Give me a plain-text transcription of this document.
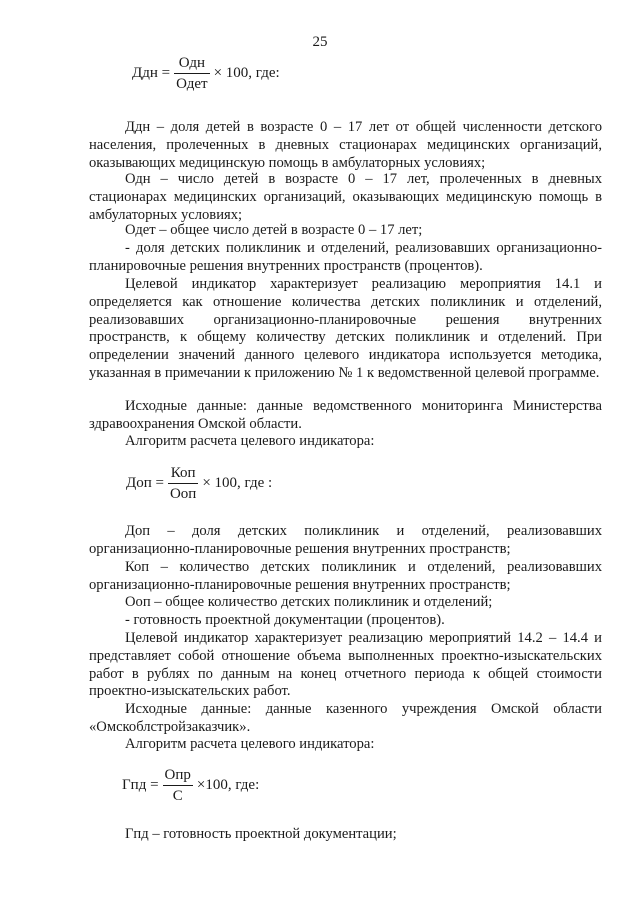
25
Ддн = $\frac{\text{Одн}}{\text{Одет}} \times 100$, где:

Ддн – доля детей в возрасте 0 – 17 лет от общей численности детского населения, пролеченных в дневных стационарах медицинских организаций, оказывающих медицинскую помощь в амбулаторных условиях;

Одн – число детей в возрасте 0 – 17 лет, пролеченных в дневных стационарах медицинских организаций, оказывающих медицинскую помощь в амбулаторных условиях;

Одет – общее число детей в возрасте 0 – 17 лет;

- доля детских поликлиник и отделений, реализовавших организационно-планировочные решения внутренних пространств (процентов).

Целевой индикатор характеризует реализацию мероприятия 14.1 и определяется как отношение количества детских поликлиник и отделений, реализовавших организационно-планировочные решения внутренних пространств, к общему количеству детских поликлиник и отделений. При определении значений данного целевого индикатора используется методика, указанная в примечании к приложению № 1 к ведомственной целевой программе.

Исходные данные: данные ведомственного мониторинга Министерства здравоохранения Омской области.

Алгоритм расчета целевого индикатора:

Доп = $\frac{\text{Коп}}{\text{Ооп}} \times 100$, где :

Доп – доля детских поликлиник и отделений, реализовавших организационно-планировочные решения внутренних пространств;

Коп – количество детских поликлиник и отделений, реализовавших организационно-планировочные решения внутренних пространств;

Ооп – общее количество детских поликлиник и отделений;

- готовность проектной документации (процентов).

Целевой индикатор характеризует реализацию мероприятий 14.2 – 14.4 и представляет собой отношение объема выполненных проектно-изыскательских работ в рублях по данным на конец отчетного периода к общей стоимости проектно-изыскательских работ.

Исходные данные: данные казенного учреждения Омской области «Омскоблстройзаказчик».

Алгоритм расчета целевого индикатора:

Гпд = $\frac{\text{Опр}}{С} \times 100$, где:

Гпд – готовность проектной документации;
